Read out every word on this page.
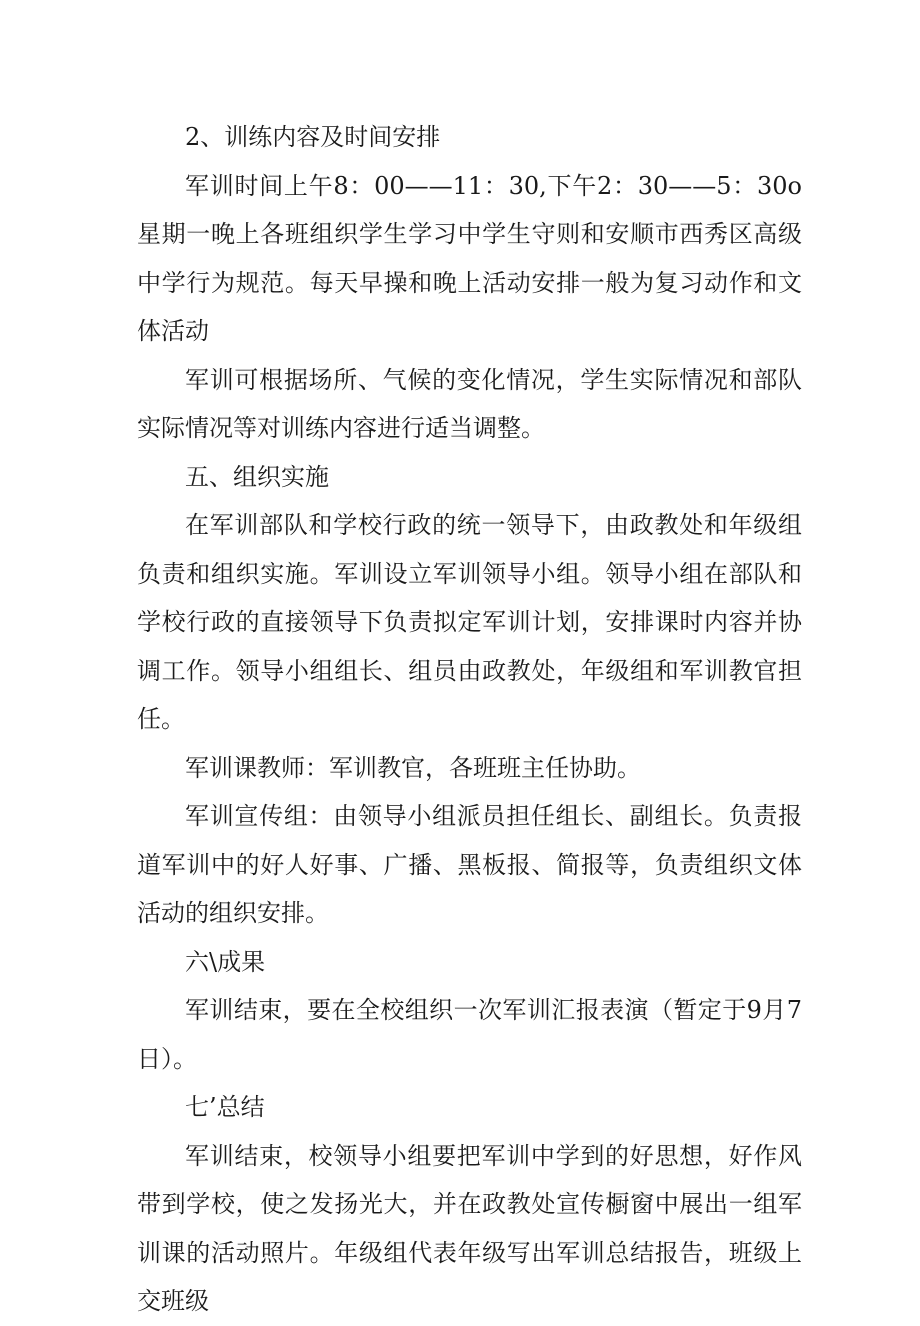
2、训练内容及时间安排

军训时间上午8：00——11：30,下午2：30——5：30o星期一晚上各班组织学生学习中学生守则和安顺市西秀区高级中学行为规范。每天早操和晚上活动安排一般为复习动作和文体活动

军训可根据场所、气候的变化情况，学生实际情况和部队实际情况等对训练内容进行适当调整。

五、组织实施

在军训部队和学校行政的统一领导下，由政教处和年级组负责和组织实施。军训设立军训领导小组。领导小组在部队和学校行政的直接领导下负责拟定军训计划，安排课时内容并协调工作。领导小组组长、组员由政教处，年级组和军训教官担任。

军训课教师：军训教官，各班班主任协助。

军训宣传组：由领导小组派员担任组长、副组长。负责报道军训中的好人好事、广播、黑板报、简报等，负责组织文体活动的组织安排。

六\成果

军训结束，要在全校组织一次军训汇报表演（暂定于9月7日）。

七’总结

军训结束，校领导小组要把军训中学到的好思想，好作风带到学校，使之发扬光大，并在政教处宣传橱窗中展出一组军训课的活动照片。年级组代表年级写出军训总结报告，班级上交班级
